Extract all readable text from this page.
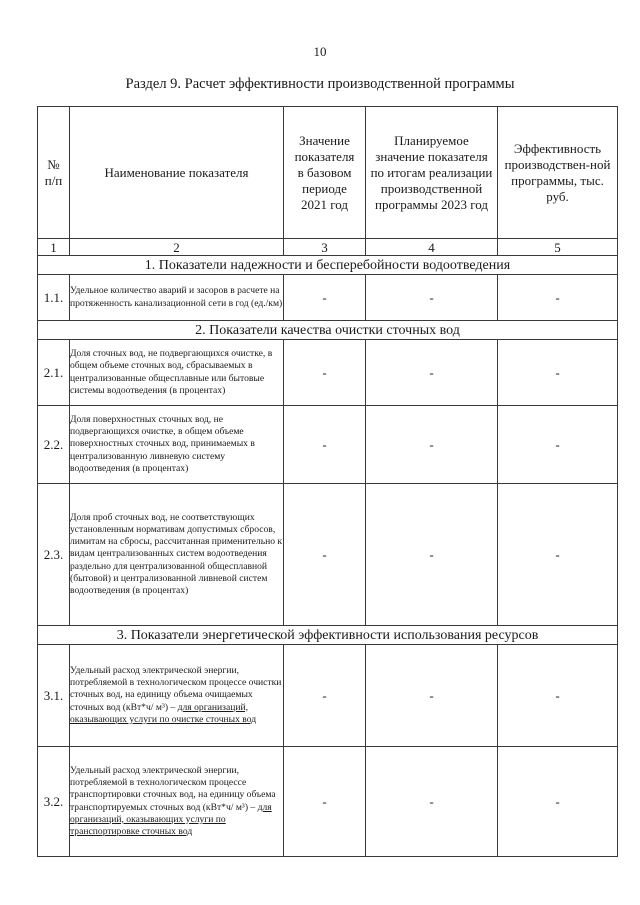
10
Раздел 9. Расчет эффективности производственной программы
№ п/п	Наименование показателя	Значение показателя в базовом периоде 2021 год	Планируемое значение показателя по итогам реализации производственной программы 2023 год	Эффективность производствен-ной программы, тыс. руб.
1	2	3	4	5
1. Показатели надежности и бесперебойности водоотведения				
1.1.	Удельное количество аварий и засоров в расчете на протяженность канализационной сети в год (ед./км)	-	-	-
2. Показатели качества очистки сточных вод				
2.1.	Доля сточных вод, не подвергающихся очистке, в общем объеме сточных вод, сбрасываемых в централизованные общесплавные или бытовые системы водоотведения (в процентах)	-	-	-
2.2.	Доля поверхностных сточных вод, не подвергающихся очистке, в общем объеме поверхностных сточных вод, принимаемых в централизованную ливневую систему водоотведения (в процентах)	-	-	-
2.3.	Доля проб сточных вод, не соответствующих установленным нормативам допустимых сбросов, лимитам на сбросы, рассчитанная применительно к видам централизованных систем водоотведения раздельно для централизованной общесплавной (бытовой) и централизованной ливневой систем водоотведения (в процентах)	-	-	-
3. Показатели энергетической эффективности использования ресурсов				
3.1.	Удельный расход электрической энергии, потребляемой в технологическом процессе очистки сточных вод, на единицу объема очищаемых сточных вод (кВт*ч/ м³) – для организаций, оказывающих услуги по очистке сточных вод	-	-	-
3.2.	Удельный расход электрической энергии, потребляемой в технологическом процессе транспортировки сточных вод, на единицу объема транспортируемых сточных вод (кВт*ч/ м³) – для организаций, оказывающих услуги по транспортировке сточных вод	-	-	-
